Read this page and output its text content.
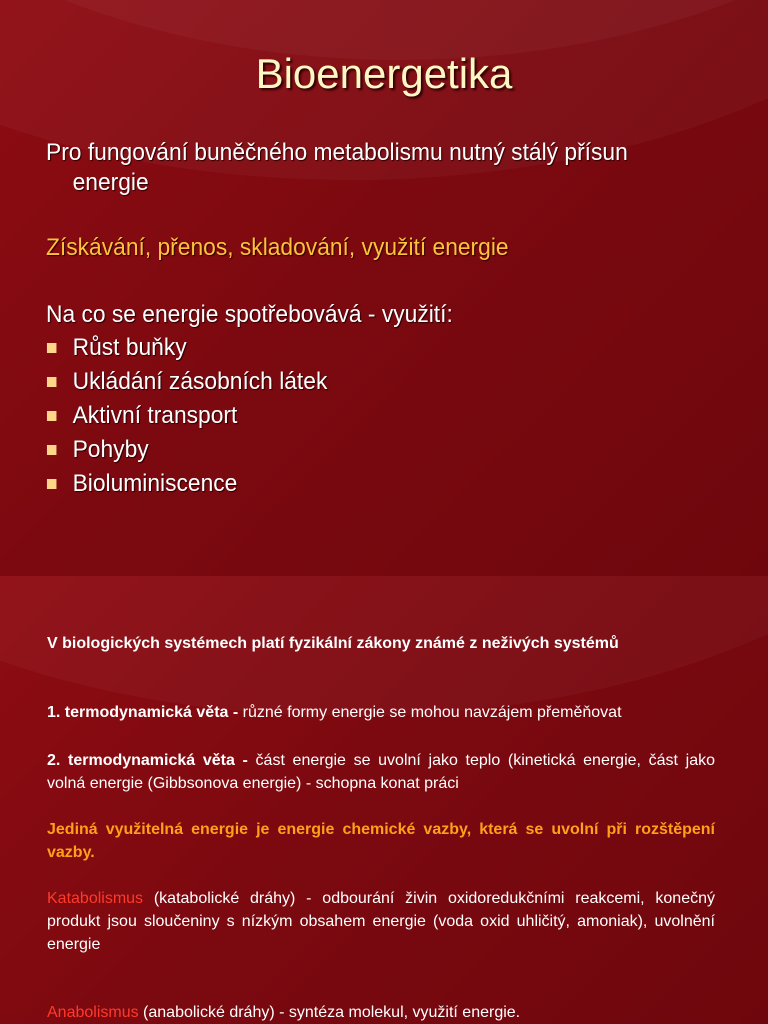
Bioenergetika
Pro fungování buněčného metabolismu nutný stálý přísun
energie
Získávání, přenos, skladování, využití energie
Na co se energie spotřebovává - využití:
Růst buňky
Ukládání zásobních látek
Aktivní transport
Pohyby
Bioluminiscence
V biologických systémech platí fyzikální zákony známé z neživých systémů
1. termodynamická věta - různé formy energie se mohou navzájem přeměňovat
2. termodynamická věta - část energie se uvolní jako teplo (kinetická energie, část jako volná energie (Gibbsonova energie) - schopna konat práci
Jediná využitelná energie je energie chemické vazby, která se uvolní při rozštěpení vazby.
Katabolismus (katabolické dráhy) - odbourání živin oxidoredukčními reakcemi, konečný produkt jsou sloučeniny s nízkým obsahem energie (voda oxid uhličitý, amoniak), uvolnění energie
Anabolismus (anabolické dráhy) - syntéza molekul, využití energie.
